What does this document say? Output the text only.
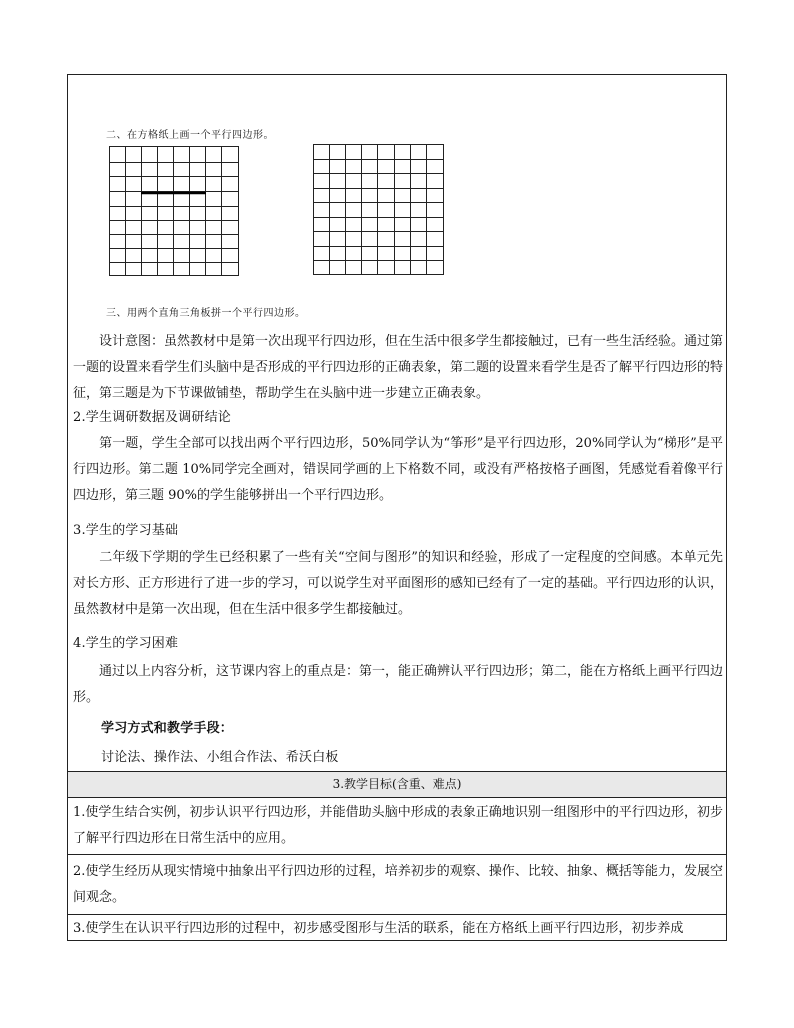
二、在方格纸上画一个平行四边形。
三、用两个直角三角板拼一个平行四边形。
设计意图：虽然教材中是第一次出现平行四边形，但在生活中很多学生都接触过，已有一些生活经验。通过第一题的设置来看学生们头脑中是否形成的平行四边形的正确表象，第二题的设置来看学生是否了解平行四边形的特征，第三题是为下节课做铺垫，帮助学生在头脑中进一步建立正确表象。
2.学生调研数据及调研结论
第一题，学生全部可以找出两个平行四边形，50%同学认为“筝形”是平行四边形，20%同学认为“梯形”是平行四边形。第二题 10%同学完全画对，错误同学画的上下格数不同，或没有严格按格子画图，凭感觉看着像平行四边形，第三题 90%的学生能够拼出一个平行四边形。
3.学生的学习基础
二年级下学期的学生已经积累了一些有关“空间与图形”的知识和经验，形成了一定程度的空间感。本单元先对长方形、正方形进行了进一步的学习，可以说学生对平面图形的感知已经有了一定的基础。平行四边形的认识，虽然教材中是第一次出现，但在生活中很多学生都接触过。
4.学生的学习困难
通过以上内容分析，这节课内容上的重点是：第一，能正确辨认平行四边形；第二，能在方格纸上画平行四边形。
学习方式和教学手段：
讨论法、操作法、小组合作法、希沃白板
3.教学目标(含重、难点)
1.使学生结合实例，初步认识平行四边形，并能借助头脑中形成的表象正确地识别一组图形中的平行四边形，初步了解平行四边形在日常生活中的应用。
2.使学生经历从现实情境中抽象出平行四边形的过程，培养初步的观察、操作、比较、抽象、概括等能力，发展空间观念。
3.使学生在认识平行四边形的过程中，初步感受图形与生活的联系，能在方格纸上画平行四边形，初步养成
